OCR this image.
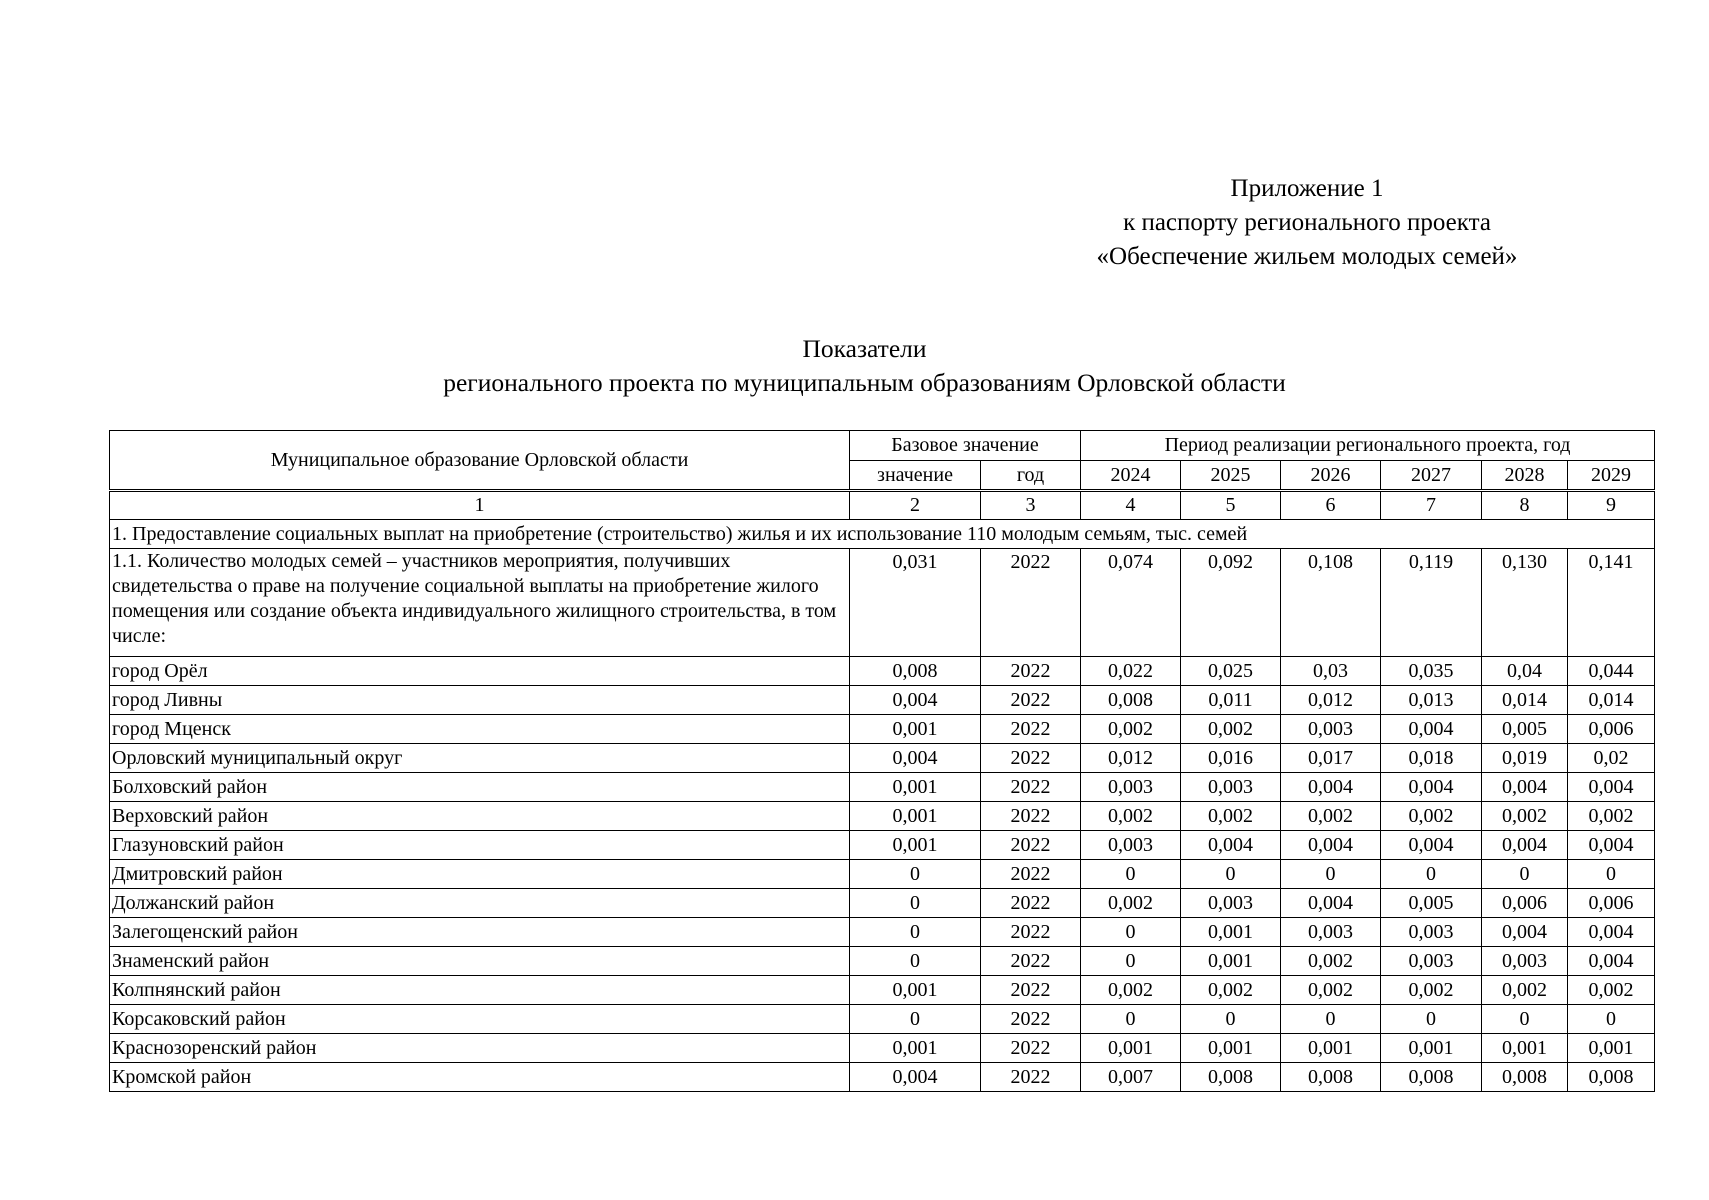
Приложение 1
к паспорту регионального проекта
«Обеспечение жильем молодых семей»
Показатели
регионального проекта по муниципальным образованиям Орловской области
Муниципальное образование Орловской области	Базовое значение		Период реализации регионального проекта, год					
	значение	год	2024	2025	2026	2027	2028	2029
1	2	3	4	5	6	7	8	9
1. Предоставление социальных выплат на приобретение (строительство) жилья и их использование 110 молодым семьям, тыс. семей								
1.1. Количество молодых семей – участников мероприятия, получивших свидетельства о праве на получение социальной выплаты на приобретение жилого помещения или создание объекта индивидуального жилищного строительства, в том числе:	0,031	2022	0,074	0,092	0,108	0,119	0,130	0,141
город Орёл	0,008	2022	0,022	0,025	0,03	0,035	0,04	0,044
город Ливны	0,004	2022	0,008	0,011	0,012	0,013	0,014	0,014
город Мценск	0,001	2022	0,002	0,002	0,003	0,004	0,005	0,006
Орловский муниципальный округ	0,004	2022	0,012	0,016	0,017	0,018	0,019	0,02
Болховский район	0,001	2022	0,003	0,003	0,004	0,004	0,004	0,004
Верховский район	0,001	2022	0,002	0,002	0,002	0,002	0,002	0,002
Глазуновский район	0,001	2022	0,003	0,004	0,004	0,004	0,004	0,004
Дмитровский район	0	2022	0	0	0	0	0	0
Должанский район	0	2022	0,002	0,003	0,004	0,005	0,006	0,006
Залегощенский район	0	2022	0	0,001	0,003	0,003	0,004	0,004
Знаменский район	0	2022	0	0,001	0,002	0,003	0,003	0,004
Колпнянский район	0,001	2022	0,002	0,002	0,002	0,002	0,002	0,002
Корсаковский район	0	2022	0	0	0	0	0	0
Краснозоренский район	0,001	2022	0,001	0,001	0,001	0,001	0,001	0,001
Кромской район	0,004	2022	0,007	0,008	0,008	0,008	0,008	0,008
